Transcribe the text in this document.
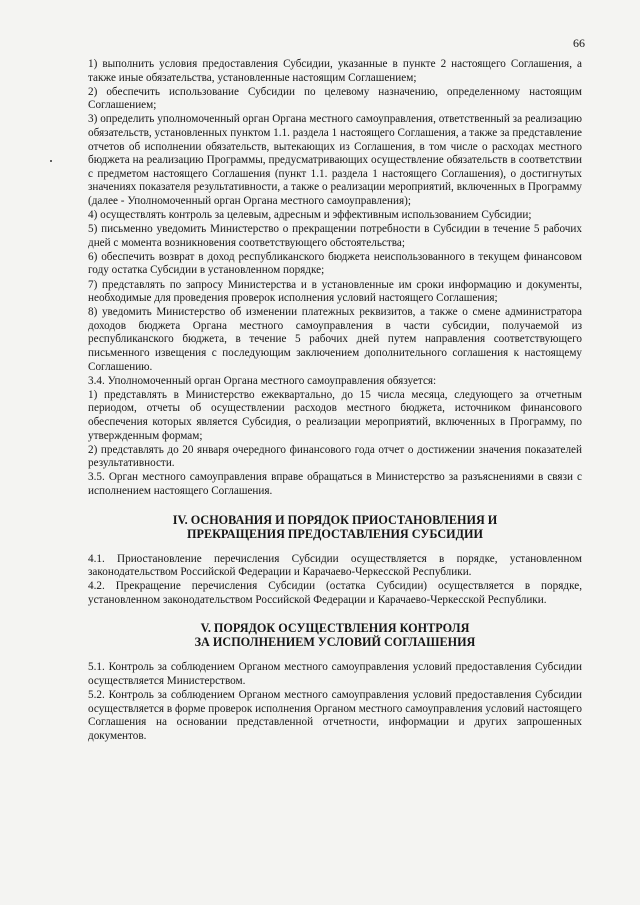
66

1) выполнить условия предоставления Субсидии, указанные в пункте 2 настоящего Соглашения, а также иные обязательства, установленные настоящим Соглашением;

2) обеспечить использование Субсидии по целевому назначению, определенному настоящим Соглашением;

3) определить уполномоченный орган Органа местного самоуправления, ответственный за реализацию обязательств, установленных пунктом 1.1. раздела 1 настоящего Соглашения, а также за представление отчетов об исполнении обязательств, вытекающих из Соглашения, в том числе о расходах местного бюджета на реализацию Программы, предусматривающих осуществление обязательств в соответствии с предметом настоящего Соглашения (пункт 1.1. раздела 1 настоящего Соглашения), о достигнутых значениях показателя результативности, а также о реализации мероприятий, включенных в Программу (далее - Уполномоченный орган Органа местного самоуправления);

4) осуществлять контроль за целевым, адресным и эффективным использованием Субсидии;

5) письменно уведомить Министерство о прекращении потребности в Субсидии в течение 5 рабочих дней с момента возникновения соответствующего обстоятельства;

6) обеспечить возврат в доход республиканского бюджета неиспользованного в текущем финансовом году остатка Субсидии в установленном порядке;

7) представлять по запросу Министерства и в установленные им сроки информацию и документы, необходимые для проведения проверок исполнения условий настоящего Соглашения;

8) уведомить Министерство об изменении платежных реквизитов, а также о смене администратора доходов бюджета Органа местного самоуправления в части субсидии, получаемой из республиканского бюджета, в течение 5 рабочих дней путем направления соответствующего письменного извещения с последующим заключением дополнительного соглашения к настоящему Соглашению.

3.4. Уполномоченный орган Органа местного самоуправления обязуется:

1) представлять в Министерство ежеквартально, до 15 числа месяца, следующего за отчетным периодом, отчеты об осуществлении расходов местного бюджета, источником финансового обеспечения которых является Субсидия, о реализации мероприятий, включенных в Программу, по утвержденным формам;

2) представлять до 20 января очередного финансового года отчет о достижении значения показателей результативности.

3.5. Орган местного самоуправления вправе обращаться в Министерство за разъяснениями в связи с исполнением настоящего Соглашения.

IV. ОСНОВАНИЯ И ПОРЯДОК ПРИОСТАНОВЛЕНИЯ И
ПРЕКРАЩЕНИЯ ПРЕДОСТАВЛЕНИЯ СУБСИДИИ

4.1. Приостановление перечисления Субсидии осуществляется в порядке, установленном законодательством Российской Федерации и Карачаево-Черкесской Республики.

4.2. Прекращение перечисления Субсидии (остатка Субсидии) осуществляется в порядке, установленном законодательством Российской Федерации и Карачаево-Черкесской Республики.

V. ПОРЯДОК ОСУЩЕСТВЛЕНИЯ КОНТРОЛЯ
ЗА ИСПОЛНЕНИЕМ УСЛОВИЙ СОГЛАШЕНИЯ

5.1. Контроль за соблюдением Органом местного самоуправления условий предоставления Субсидии осуществляется Министерством.

5.2. Контроль за соблюдением Органом местного самоуправления условий предоставления Субсидии осуществляется в форме проверок исполнения Органом местного самоуправления условий настоящего Соглашения на основании представленной отчетности, информации и других запрошенных документов.
